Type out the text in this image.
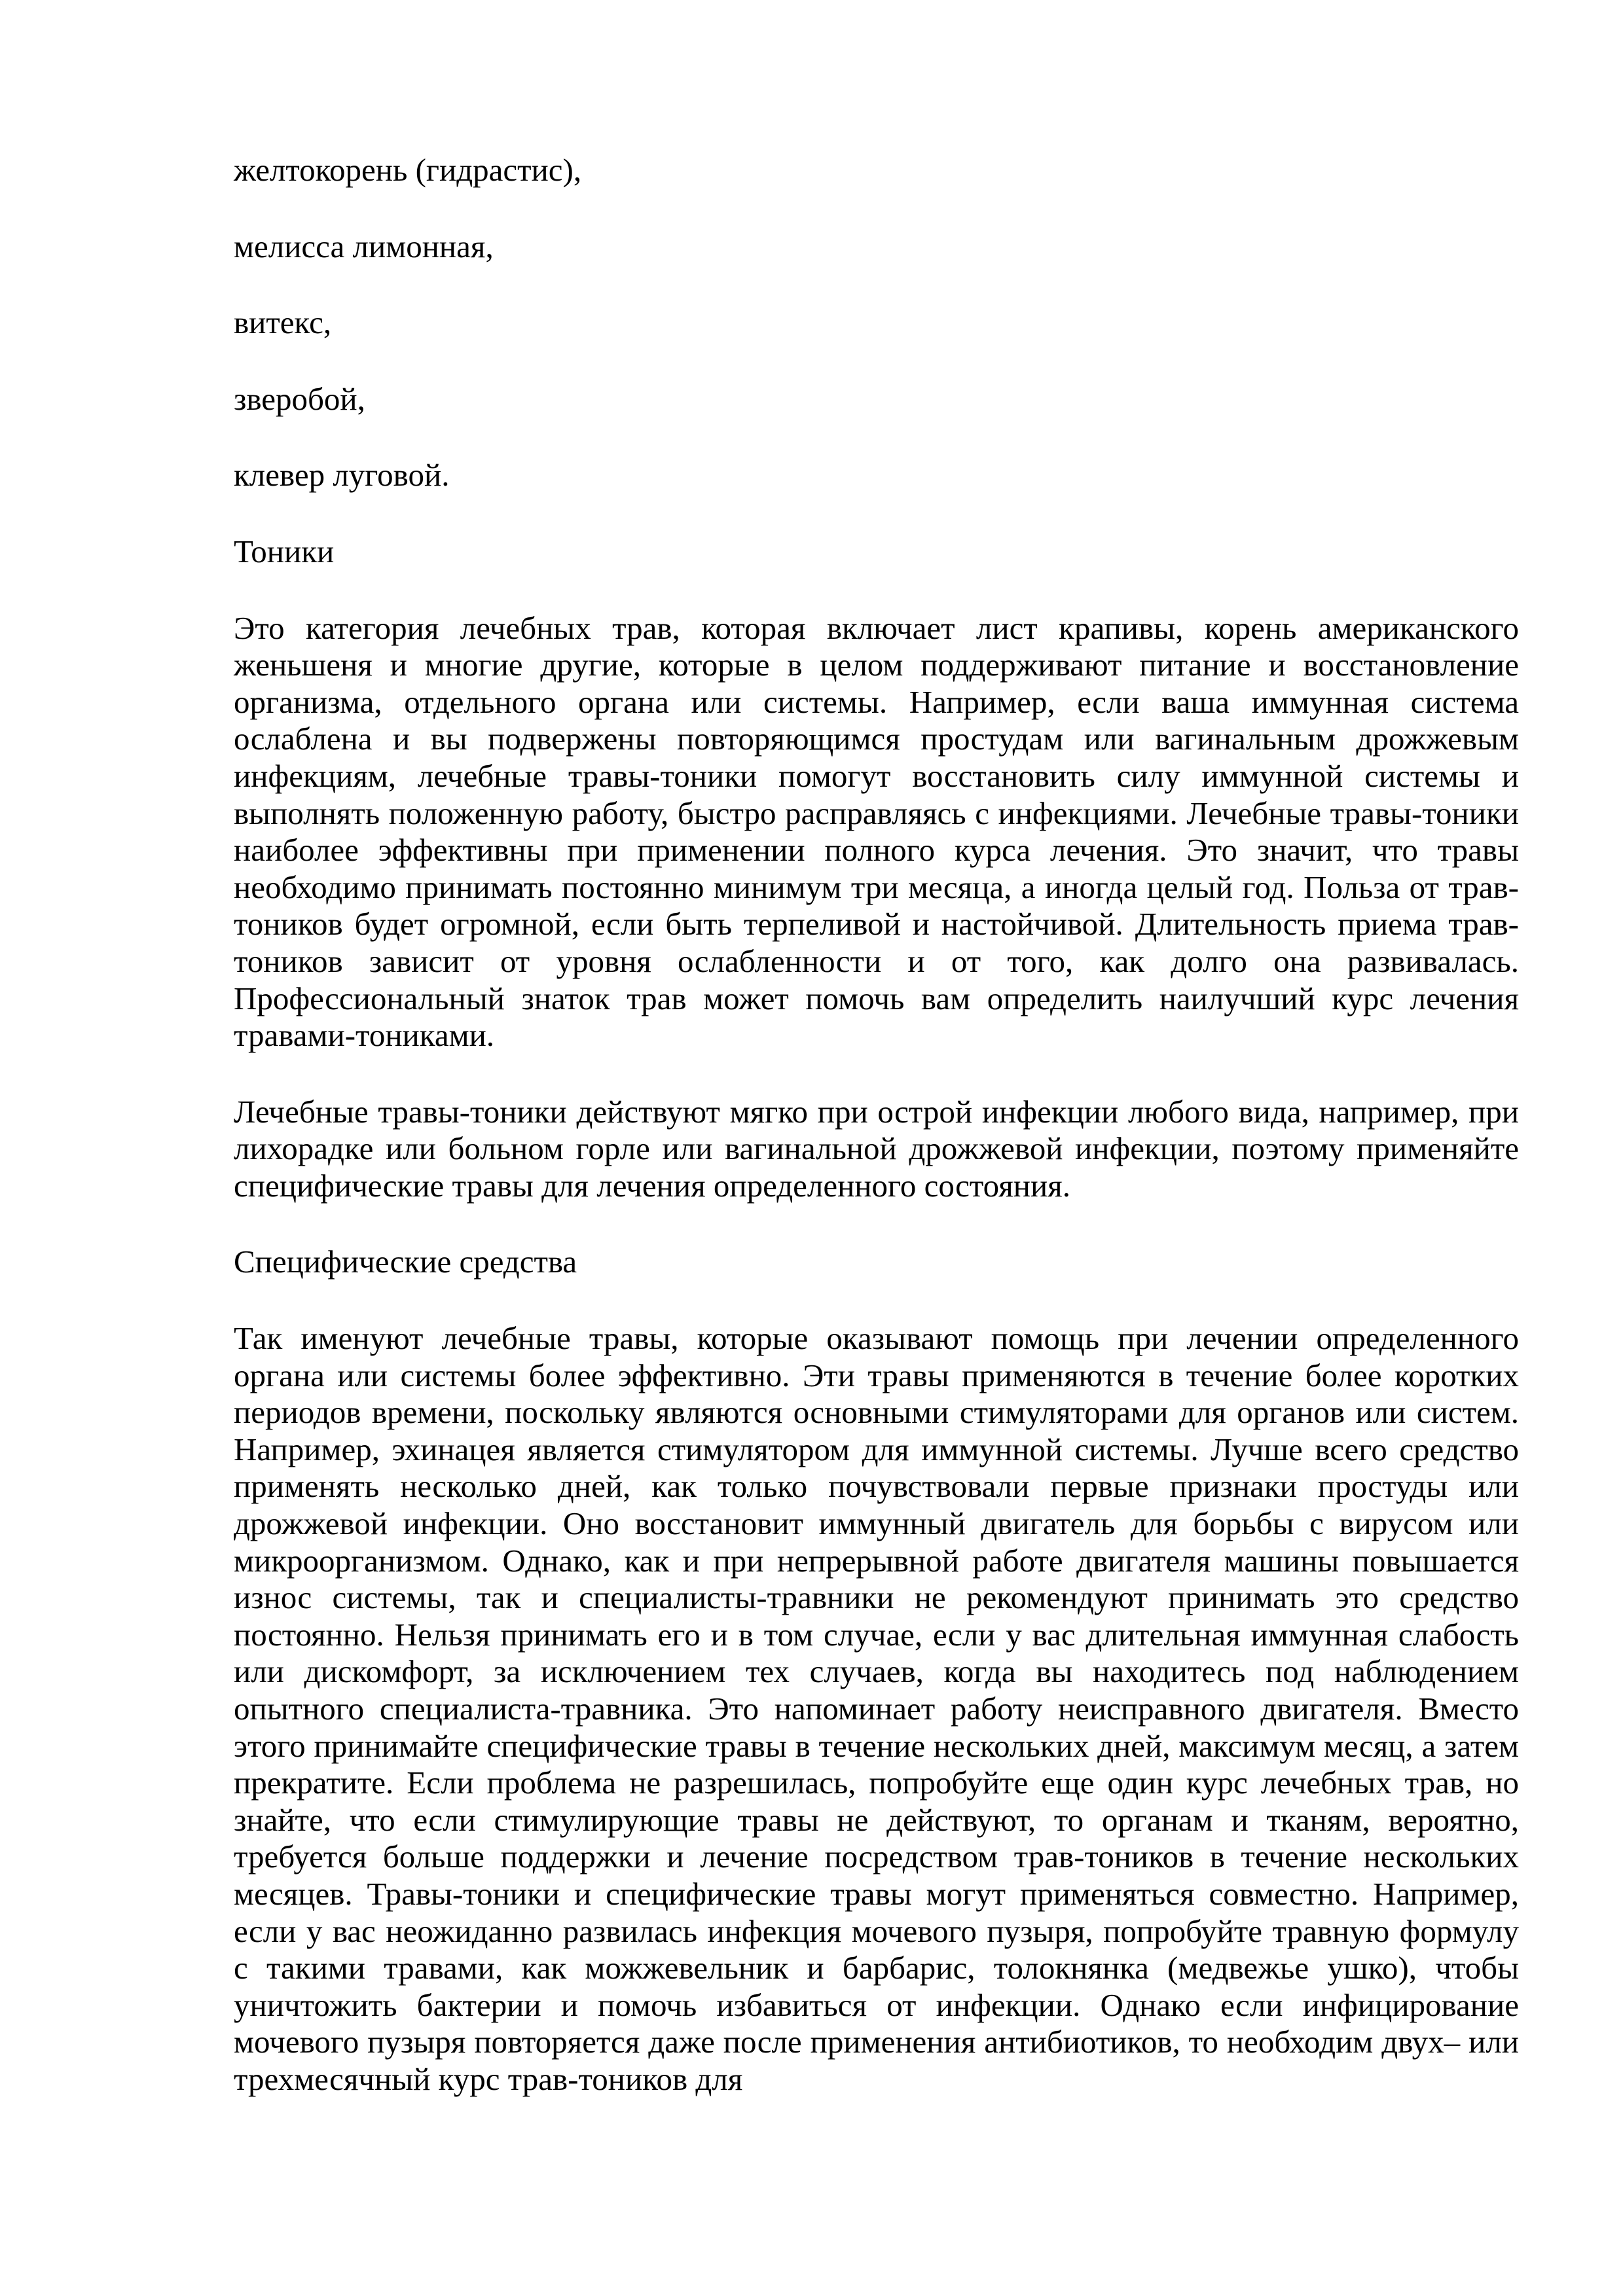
желтокорень (гидрастис),

мелисса лимонная,

витекс,

зверобой,

клевер луговой.

Тоники

Это категория лечебных трав, которая включает лист крапивы, корень американского женьшеня и многие другие, которые в целом поддерживают питание и восстановление организма, отдельного органа или системы. Например, если ваша иммунная система ослаблена и вы подвержены повторяющимся простудам или вагинальным дрожжевым инфекциям, лечебные травы-тоники помогут восстановить силу иммунной системы и выполнять положенную работу, быстро расправляясь с инфекциями. Лечебные травы-тоники наиболее эффективны при применении полного курса лечения. Это значит, что травы необходимо принимать постоянно минимум три месяца, а иногда целый год. Польза от трав-тоников будет огромной, если быть терпеливой и настойчивой. Длительность приема трав-тоников зависит от уровня ослабленности и от того, как долго она развивалась. Профессиональный знаток трав может помочь вам определить наилучший курс лечения травами-тониками.

Лечебные травы-тоники действуют мягко при острой инфекции любого вида, например, при лихорадке или больном горле или вагинальной дрожжевой инфекции, поэтому применяйте специфические травы для лечения определенного состояния.

Специфические средства

Так именуют лечебные травы, которые оказывают помощь при лечении определенного органа или системы более эффективно. Эти травы применяются в течение более коротких периодов времени, поскольку являются основными стимуляторами для органов или систем. Например, эхинацея является стимулятором для иммунной системы. Лучше всего средство применять несколько дней, как только почувствовали первые признаки простуды или дрожжевой инфекции. Оно восстановит иммунный двигатель для борьбы с вирусом или микроорганизмом. Однако, как и при непрерывной работе двигателя машины повышается износ системы, так и специалисты-травники не рекомендуют принимать это средство постоянно. Нельзя принимать его и в том случае, если у вас длительная иммунная слабость или дискомфорт, за исключением тех случаев, когда вы находитесь под наблюдением опытного специалиста-травника. Это напоминает работу неисправного двигателя. Вместо этого принимайте специфические травы в течение нескольких дней, максимум месяц, а затем прекратите. Если проблема не разрешилась, попробуйте еще один курс лечебных трав, но знайте, что если стимулирующие травы не действуют, то органам и тканям, вероятно, требуется больше поддержки и лечение посредством трав-тоников в течение нескольких месяцев. Травы-тоники и специфические травы могут применяться совместно. Например, если у вас неожиданно развилась инфекция мочевого пузыря, попробуйте травную формулу с такими травами, как можжевельник и барбарис, толокнянка (медвежье ушко), чтобы уничтожить бактерии и помочь избавиться от инфекции. Однако если инфицирование мочевого пузыря повторяется даже после применения антибиотиков, то необходим двух– или трехмесячный курс трав-тоников для
